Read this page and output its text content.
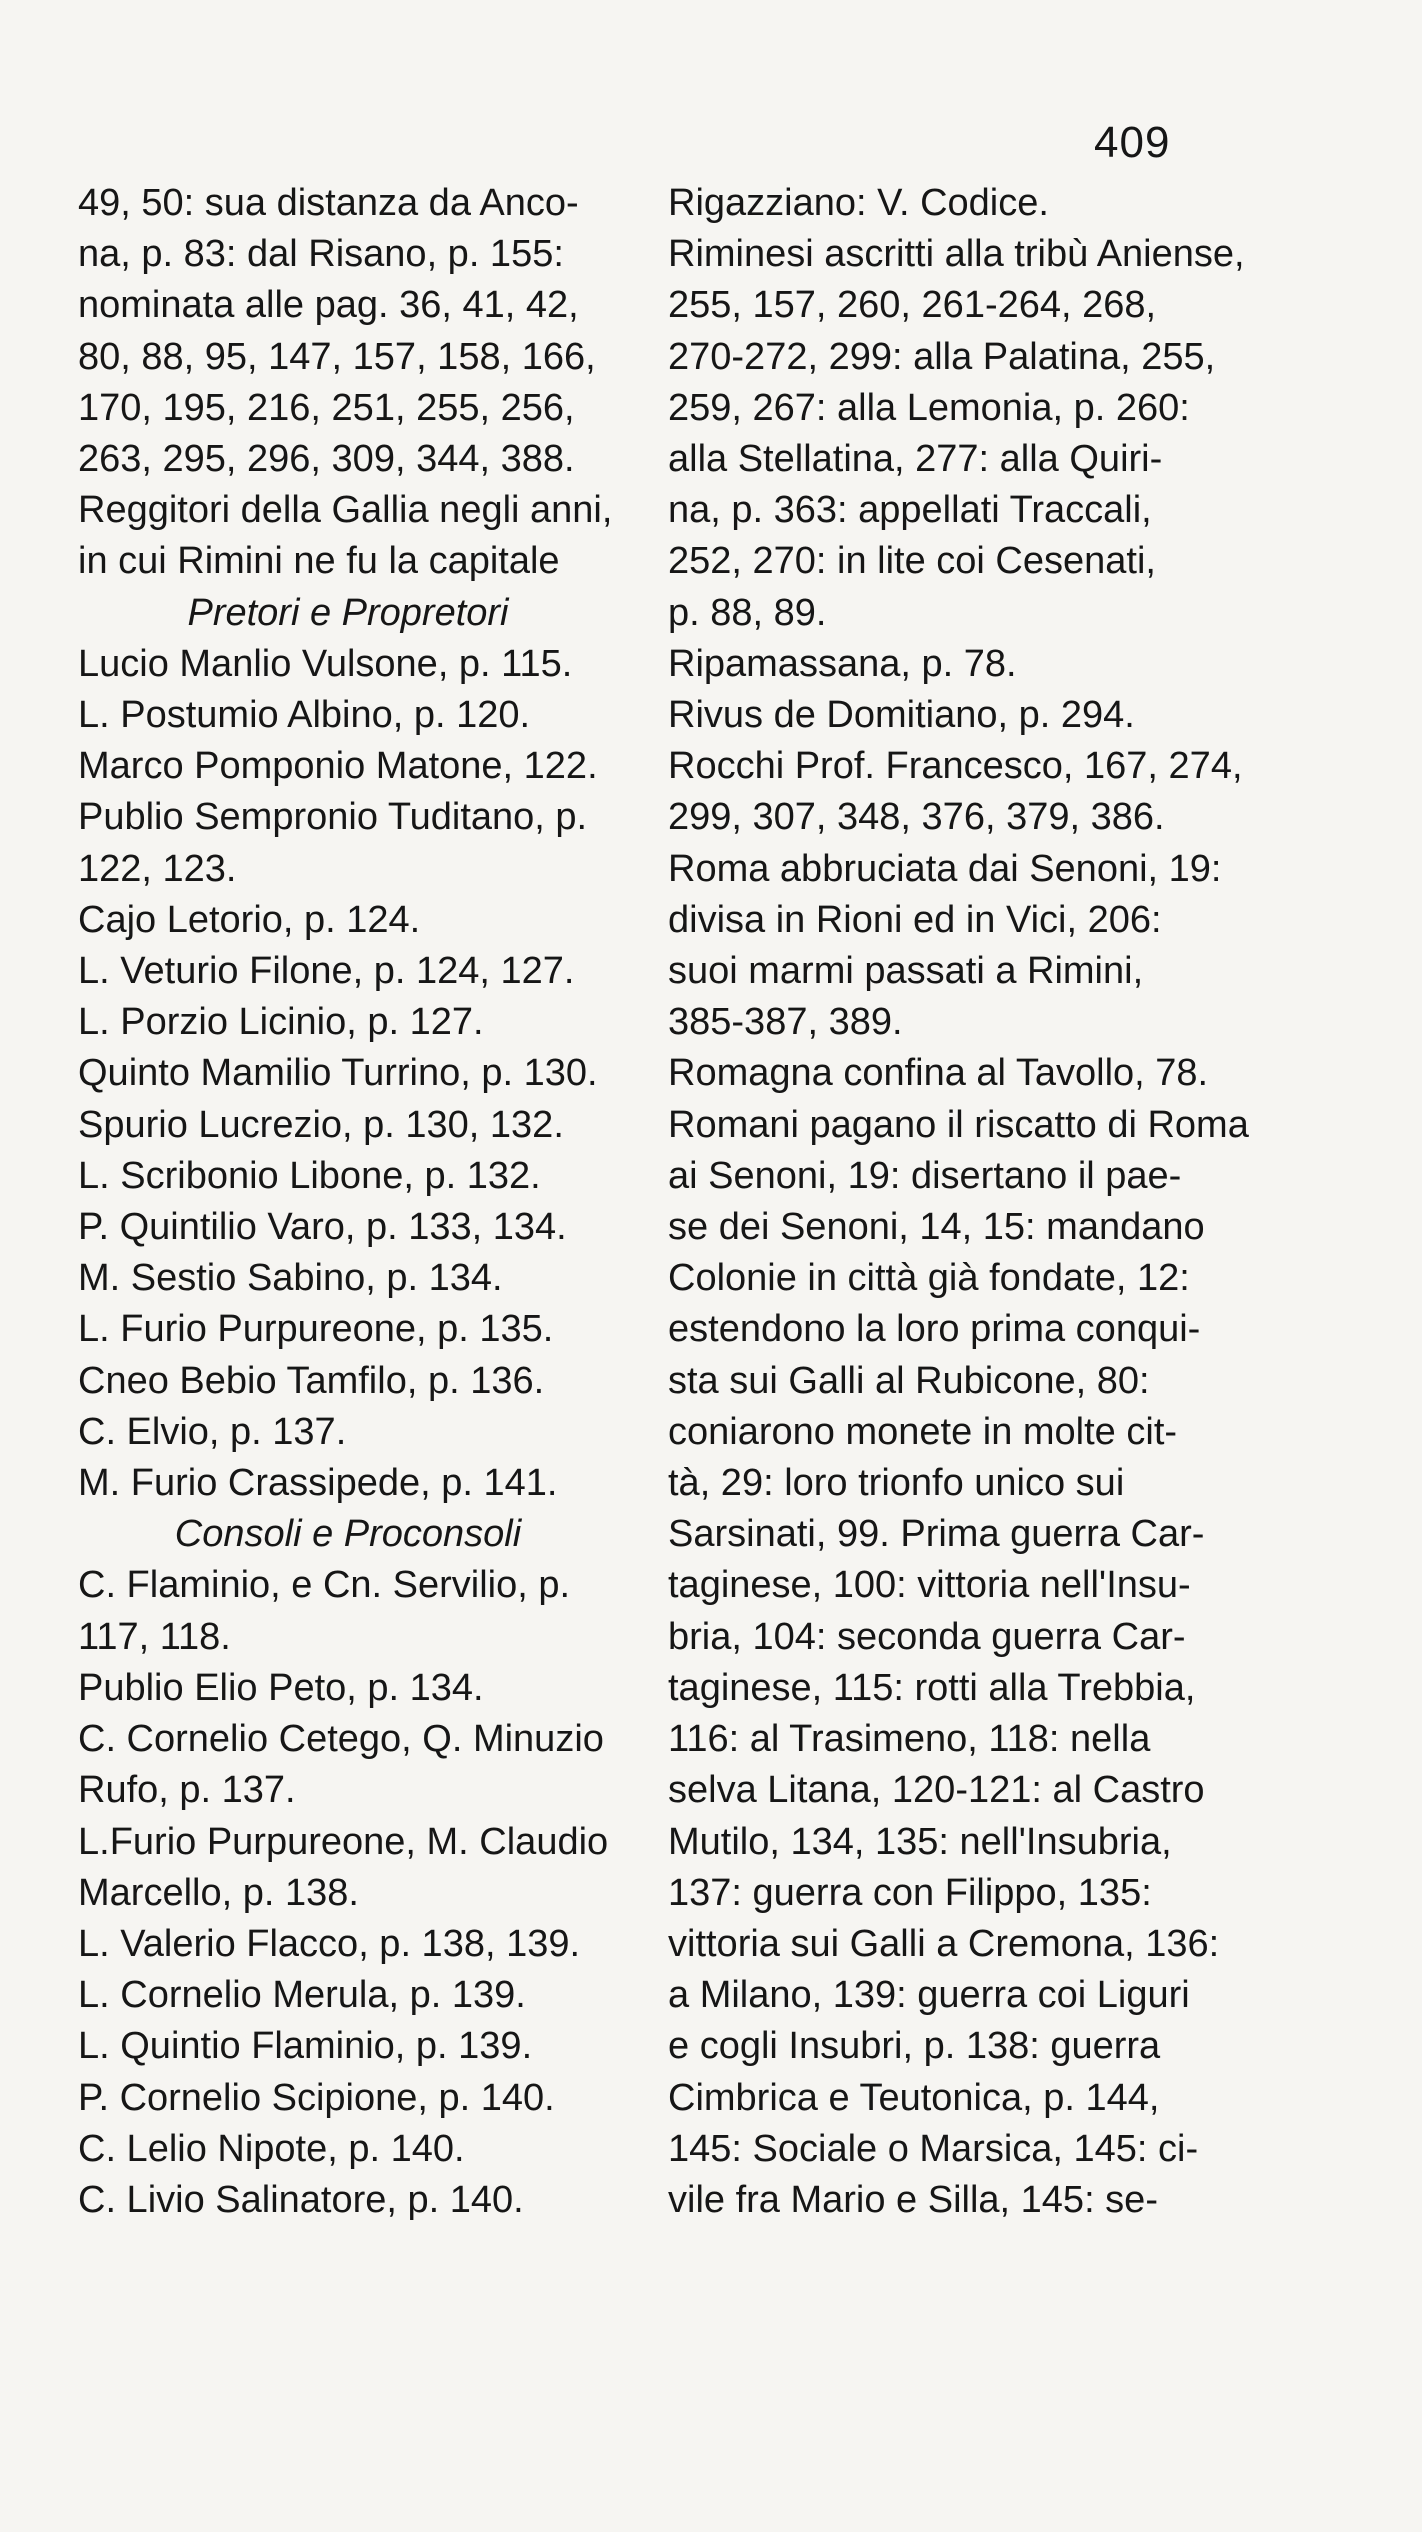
409
49, 50: sua distanza da Anco-
na, p. 83: dal Risano, p. 155:
nominata alle pag. 36, 41, 42,
80, 88, 95, 147, 157, 158, 166,
170, 195, 216, 251, 255, 256,
263, 295, 296, 309, 344, 388.
Reggitori della Gallia negli anni,
in cui Rimini ne fu la capitale
Pretori e Propretori
Lucio Manlio Vulsone, p. 115.
L. Postumio Albino, p. 120.
Marco Pomponio Matone, 122.
Publio Sempronio Tuditano, p.
122, 123.
Cajo Letorio, p. 124.
L. Veturio Filone, p. 124, 127.
L. Porzio Licinio, p. 127.
Quinto Mamilio Turrino, p. 130.
Spurio Lucrezio, p. 130, 132.
L. Scribonio Libone, p. 132.
P. Quintilio Varo, p. 133, 134.
M. Sestio Sabino, p. 134.
L. Furio Purpureone, p. 135.
Cneo Bebio Tamfilo, p. 136.
C. Elvio, p. 137.
M. Furio Crassipede, p. 141.
Consoli e Proconsoli
C. Flaminio, e Cn. Servilio, p.
117, 118.
Publio Elio Peto, p. 134.
C. Cornelio Cetego, Q. Minuzio
Rufo, p. 137.
L.Furio Purpureone, M. Claudio
Marcello, p. 138.
L. Valerio Flacco, p. 138, 139.
L. Cornelio Merula, p. 139.
L. Quintio Flaminio, p. 139.
P. Cornelio Scipione, p. 140.
C. Lelio Nipote, p. 140.
C. Livio Salinatore, p. 140.
Rigazziano: V. Codice.
Riminesi ascritti alla tribù Aniense,
255, 157, 260, 261-264, 268,
270-272, 299: alla Palatina, 255,
259, 267: alla Lemonia, p. 260:
alla Stellatina, 277: alla Quiri-
na, p. 363: appellati Traccali,
252, 270: in lite coi Cesenati,
p. 88, 89.
Ripamassana, p. 78.
Rivus de Domitiano, p. 294.
Rocchi Prof. Francesco, 167, 274,
299, 307, 348, 376, 379, 386.
Roma abbruciata dai Senoni, 19:
divisa in Rioni ed in Vici, 206:
suoi marmi passati a Rimini,
385-387, 389.
Romagna confina al Tavollo, 78.
Romani pagano il riscatto di Roma
ai Senoni, 19: disertano il pae-
se dei Senoni, 14, 15: mandano
Colonie in città già fondate, 12:
estendono la loro prima conqui-
sta sui Galli al Rubicone, 80:
coniarono monete in molte cit-
tà, 29: loro trionfo unico sui
Sarsinati, 99. Prima guerra Car-
taginese, 100: vittoria nell'Insu-
bria, 104: seconda guerra Car-
taginese, 115: rotti alla Trebbia,
116: al Trasimeno, 118: nella
selva Litana, 120-121: al Castro
Mutilo, 134, 135: nell'Insubria,
137: guerra con Filippo, 135:
vittoria sui Galli a Cremona, 136:
a Milano, 139: guerra coi Liguri
e cogli Insubri, p. 138: guerra
Cimbrica e Teutonica, p. 144,
145: Sociale o Marsica, 145: ci-
vile fra Mario e Silla, 145: se-
